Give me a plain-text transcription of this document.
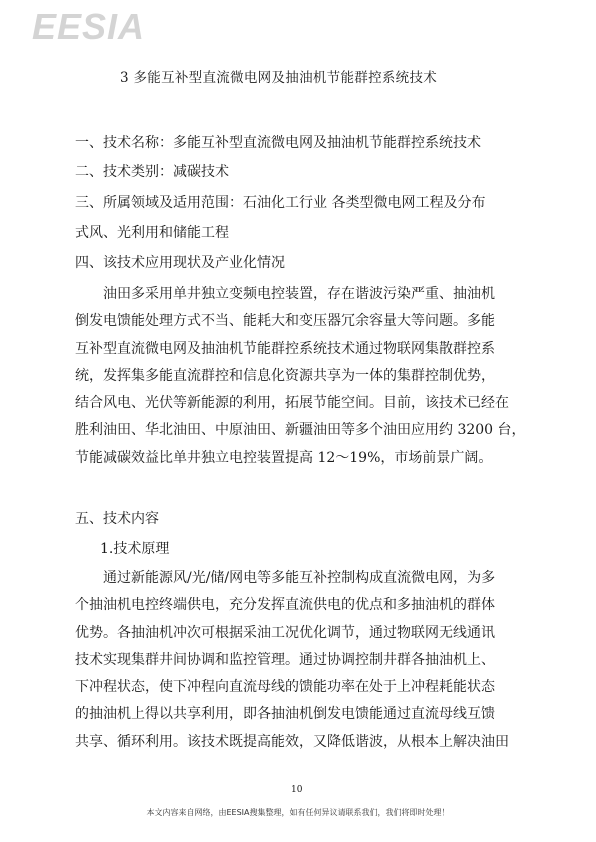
EESIA
3 多能互补型直流微电网及抽油机节能群控系统技术
一、技术名称：多能互补型直流微电网及抽油机节能群控系统技术
二、技术类别：减碳技术
三、所属领域及适用范围：石油化工行业 各类型微电网工程及分布
式风、光利用和储能工程
四、该技术应用现状及产业化情况
油田多采用单井独立变频电控装置，存在谐波污染严重、抽油机
倒发电馈能处理方式不当、能耗大和变压器冗余容量大等问题。多能
互补型直流微电网及抽油机节能群控系统技术通过物联网集散群控系
统，发挥集多能直流群控和信息化资源共享为一体的集群控制优势，
结合风电、光伏等新能源的利用，拓展节能空间。目前，该技术已经在
胜利油田、华北油田、中原油田、新疆油田等多个油田应用约 3200 台，
节能减碳效益比单井独立电控装置提高 12～19%，市场前景广阔。
五、技术内容
1.技术原理
通过新能源风/光/储/网电等多能互补控制构成直流微电网，为多
个抽油机电控终端供电，充分发挥直流供电的优点和多抽油机的群体
优势。各抽油机冲次可根据采油工况优化调节，通过物联网无线通讯
技术实现集群井间协调和监控管理。通过协调控制井群各抽油机上、
下冲程状态，使下冲程向直流母线的馈能功率在处于上冲程耗能状态
的抽油机上得以共享利用，即各抽油机倒发电馈能通过直流母线互馈
共享、循环利用。该技术既提高能效，又降低谐波，从根本上解决油田
10
本文内容来自网络，由EESIA搜集整理，如有任何异议请联系我们，我们将即时处理！
